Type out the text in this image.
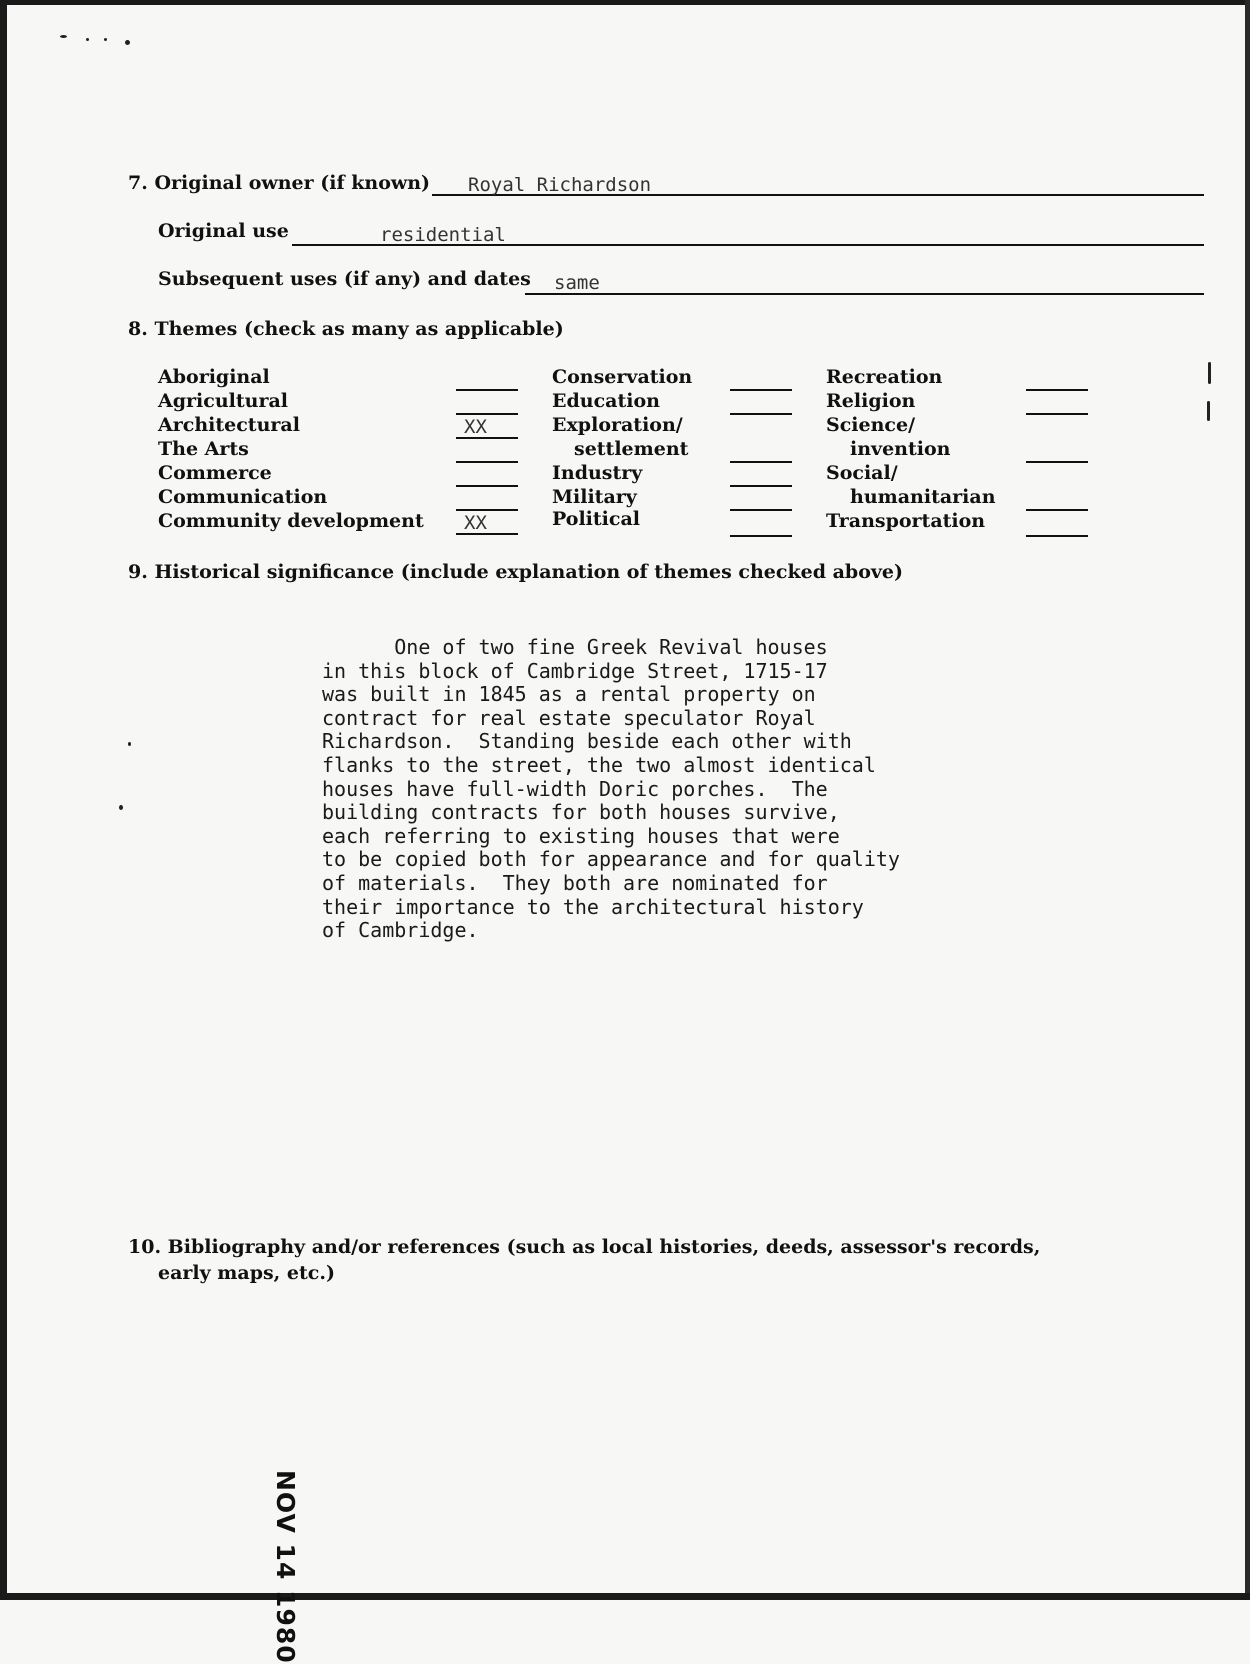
7. Original owner (if known) Royal Richardson
Original use	residential
Subsequent uses (if any) and dates same
8. Themes (check as many as applicable)
Aboriginal
Agricultural
Architectural	XX
The Arts
Commerce
Communication
Community development XX
Conservation
Education
Exploration/
settlement
Industry
Military
Political
Recreation
Religion
Science/
invention
Social/
humanitarian
Transportation
9. Historical significance (include explanation of themes checked above)
One of two fine Greek Revival houses
in this block of Cambridge Street, 1715-17
was built in 1845 as a rental property on
contract for real estate speculator Royal
Richardson.  Standing beside each other with
flanks to the street, the two almost identical
houses have full-width Doric porches.  The
building contracts for both houses survive,
each referring to existing houses that were
to be copied both for appearance and for quality
of materials.  They both are nominated for
their importance to the architectural history
of Cambridge.
10. Bibliography and/or references (such as local histories, deeds, assessor's records,
early maps, etc.)
NOV 14 1980
